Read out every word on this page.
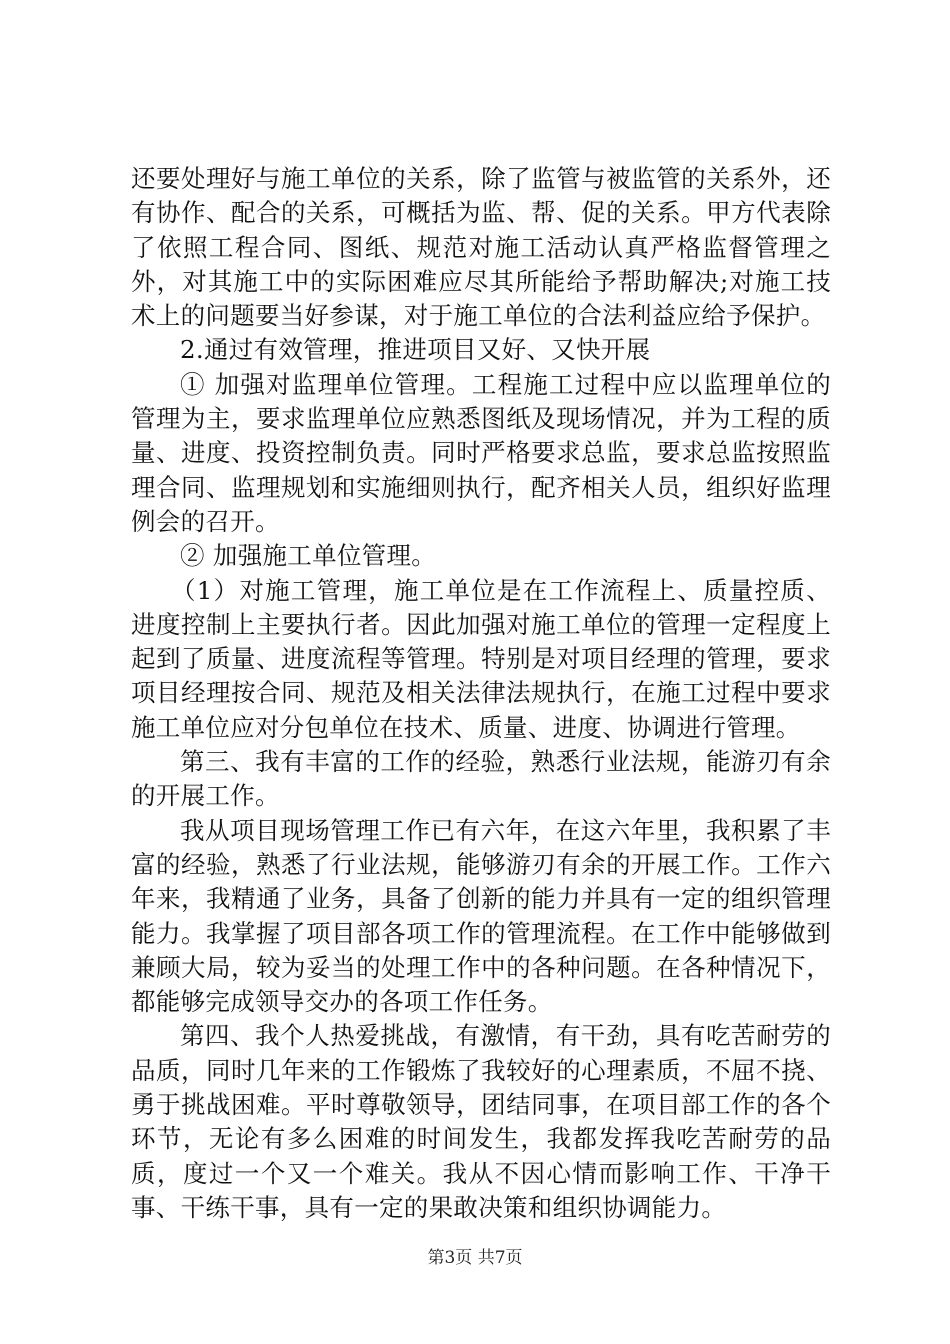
还要处理好与施工单位的关系，除了监管与被监管的关系外，还有协作、配合的关系，可概括为监、帮、促的关系。甲方代表除了依照工程合同、图纸、规范对施工活动认真严格监督管理之外，对其施工中的实际困难应尽其所能给予帮助解决;对施工技术上的问题要当好参谋，对于施工单位的合法利益应给予保护。

2.通过有效管理，推进项目又好、又快开展

① 加强对监理单位管理。工程施工过程中应以监理单位的管理为主，要求监理单位应熟悉图纸及现场情况，并为工程的质量、进度、投资控制负责。同时严格要求总监，要求总监按照监理合同、监理规划和实施细则执行，配齐相关人员，组织好监理例会的召开。

② 加强施工单位管理。

（1）对施工管理，施工单位是在工作流程上、质量控质、进度控制上主要执行者。因此加强对施工单位的管理一定程度上起到了质量、进度流程等管理。特别是对项目经理的管理，要求项目经理按合同、规范及相关法律法规执行，在施工过程中要求施工单位应对分包单位在技术、质量、进度、协调进行管理。

第三、我有丰富的工作的经验，熟悉行业法规，能游刃有余的开展工作。

我从项目现场管理工作已有六年，在这六年里，我积累了丰富的经验，熟悉了行业法规，能够游刃有余的开展工作。工作六年来，我精通了业务，具备了创新的能力并具有一定的组织管理能力。我掌握了项目部各项工作的管理流程。在工作中能够做到兼顾大局，较为妥当的处理工作中的各种问题。在各种情况下，都能够完成领导交办的各项工作任务。

第四、我个人热爱挑战，有激情，有干劲，具有吃苦耐劳的品质，同时几年来的工作锻炼了我较好的心理素质，不屈不挠、勇于挑战困难。平时尊敬领导，团结同事，在项目部工作的各个环节，无论有多么困难的时间发生，我都发挥我吃苦耐劳的品质，度过一个又一个难关。我从不因心情而影响工作、干净干事、干练干事，具有一定的果敢决策和组织协调能力。

第3页 共7页
